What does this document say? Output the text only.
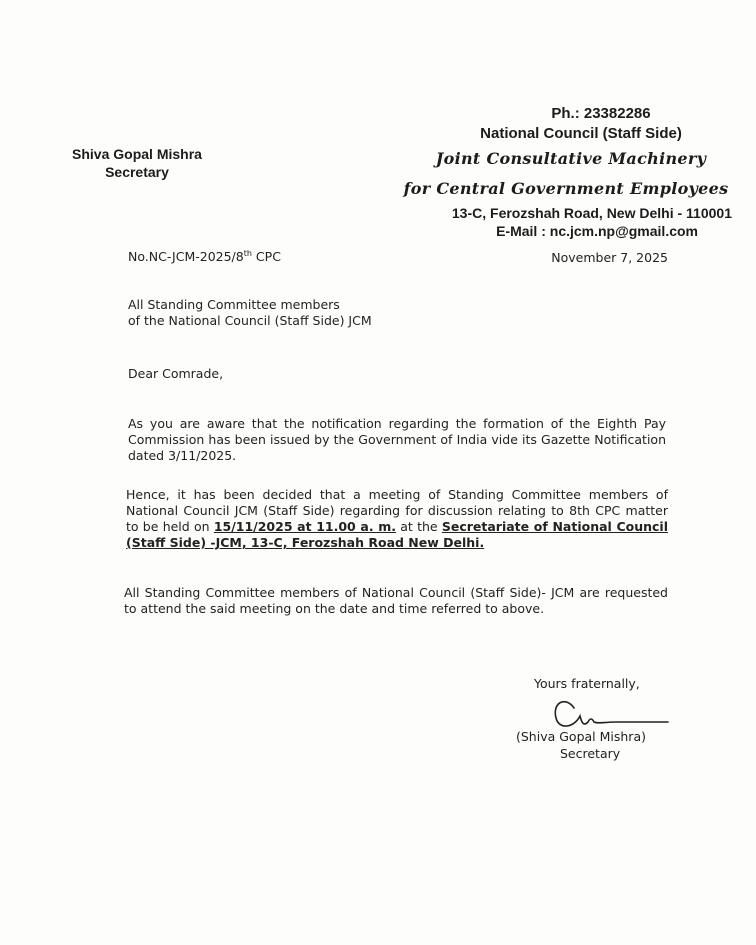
Ph.: 23382286
National Council (Staff Side)
Joint Consultative Machinery
for Central Government Employees
13-C, Ferozshah Road, New Delhi - 110001
E-Mail : nc.jcm.np@gmail.com
Shiva Gopal Mishra
Secretary
No.NC-JCM-2025/8th CPC	November 7, 2025
All Standing Committee members
of the National Council (Staff Side) JCM
Dear Comrade,
As you are aware that the notification regarding the formation of the Eighth Pay Commission has been issued by the Government of India vide its Gazette Notification dated 3/11/2025.
Hence, it has been decided that a meeting of Standing Committee members of National Council JCM (Staff Side) regarding for discussion relating to 8th CPC matter to be held on 15/11/2025 at 11.00 a. m. at the Secretariate of National Council (Staff Side) -JCM, 13-C, Ferozshah Road New Delhi.
All Standing Committee members of National Council (Staff Side)- JCM are requested to attend the said meeting on the date and time referred to above.
Yours fraternally,
(Shiva Gopal Mishra)
Secretary
